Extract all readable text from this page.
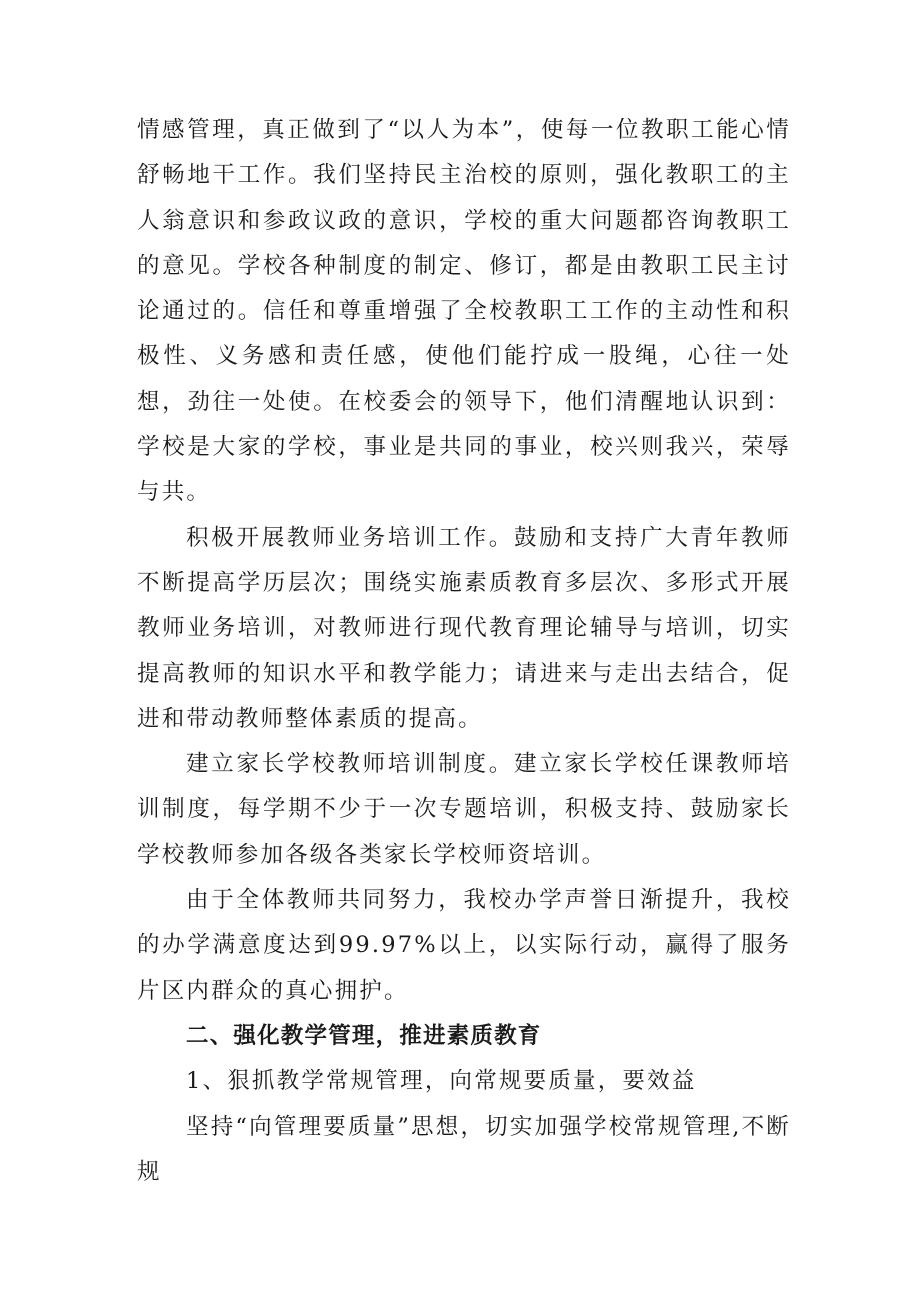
情感管理，真正做到了“以人为本”，使每一位教职工能心情舒畅地干工作。我们坚持民主治校的原则，强化教职工的主人翁意识和参政议政的意识，学校的重大问题都咨询教职工的意见。学校各种制度的制定、修订，都是由教职工民主讨论通过的。信任和尊重增强了全校教职工工作的主动性和积极性、义务感和责任感，使他们能拧成一股绳，心往一处想，劲往一处使。在校委会的领导下，他们清醒地认识到：学校是大家的学校，事业是共同的事业，校兴则我兴，荣辱与共。

积极开展教师业务培训工作。鼓励和支持广大青年教师不断提高学历层次；围绕实施素质教育多层次、多形式开展教师业务培训，对教师进行现代教育理论辅导与培训，切实提高教师的知识水平和教学能力；请进来与走出去结合，促进和带动教师整体素质的提高。

建立家长学校教师培训制度。建立家长学校任课教师培训制度，每学期不少于一次专题培训，积极支持、鼓励家长学校教师参加各级各类家长学校师资培训。

由于全体教师共同努力，我校办学声誉日渐提升，我校的办学满意度达到99.97%以上，以实际行动，赢得了服务片区内群众的真心拥护。

二、强化教学管理，推进素质教育

1、狠抓教学常规管理，向常规要质量，要效益

坚持“向管理要质量”思想，切实加强学校常规管理,不断规
